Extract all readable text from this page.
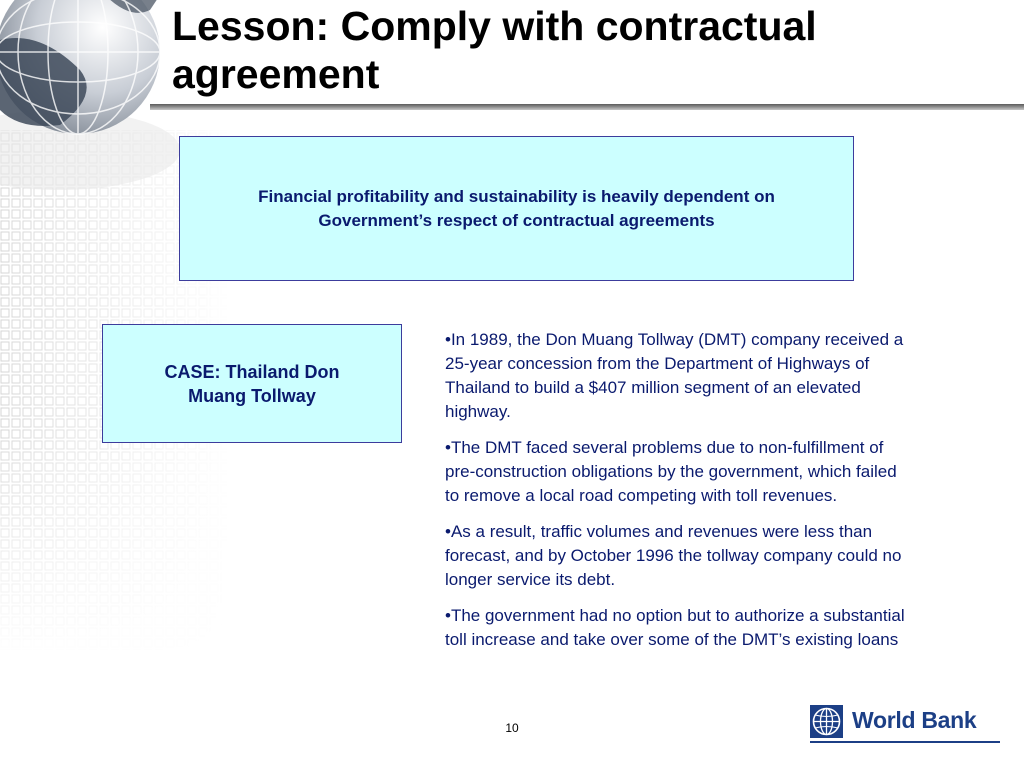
Lesson: Comply with contractual agreement
Financial profitability and sustainability is heavily dependent on Government’s respect of contractual agreements
CASE: Thailand Don Muang Tollway

•In 1989, the Don Muang Tollway (DMT) company received a 25-year concession from the Department of Highways of Thailand to build a $407 million segment of an elevated highway.

•The DMT faced several problems due to non-fulfillment of pre-construction obligations by the government, which failed to remove a local road competing with toll revenues.

•As a result, traffic volumes and revenues were less than forecast, and by October 1996 the tollway company could no longer service its debt.

•The government had no option but to authorize a substantial toll increase and take over some of the DMT’s existing loans

10	World Bank
